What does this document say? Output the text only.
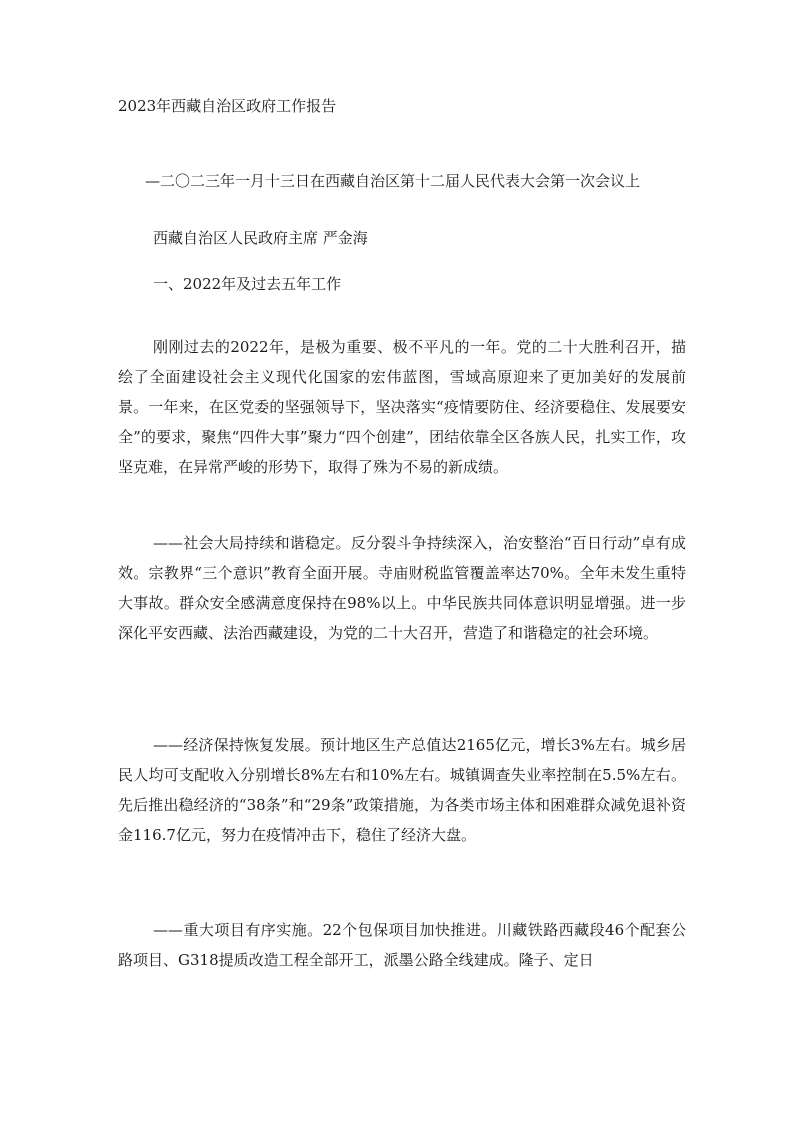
2023年西藏自治区政府工作报告

—二〇二三年一月十三日在西藏自治区第十二届人民代表大会第一次会议上

西藏自治区人民政府主席 严金海

一、2022年及过去五年工作

刚刚过去的2022年，是极为重要、极不平凡的一年。党的二十大胜利召开，描绘了全面建设社会主义现代化国家的宏伟蓝图，雪域高原迎来了更加美好的发展前景。一年来，在区党委的坚强领导下，坚决落实“疫情要防住、经济要稳住、发展要安全”的要求，聚焦“四件大事”聚力“四个创建”，团结依靠全区各族人民，扎实工作，攻坚克难，在异常严峻的形势下，取得了殊为不易的新成绩。

——社会大局持续和谐稳定。反分裂斗争持续深入，治安整治“百日行动”卓有成效。宗教界“三个意识”教育全面开展。寺庙财税监管覆盖率达70%。全年未发生重特大事故。群众安全感满意度保持在98%以上。中华民族共同体意识明显增强。进一步深化平安西藏、法治西藏建设，为党的二十大召开，营造了和谐稳定的社会环境。

——经济保持恢复发展。预计地区生产总值达2165亿元，增长3%左右。城乡居民人均可支配收入分别增长8%左右和10%左右。城镇调查失业率控制在5.5%左右。先后推出稳经济的“38条”和“29条”政策措施，为各类市场主体和困难群众减免退补资金116.7亿元，努力在疫情冲击下，稳住了经济大盘。

——重大项目有序实施。22个包保项目加快推进。川藏铁路西藏段46个配套公路项目、G318提质改造工程全部开工，派墨公路全线建成。隆子、定日
